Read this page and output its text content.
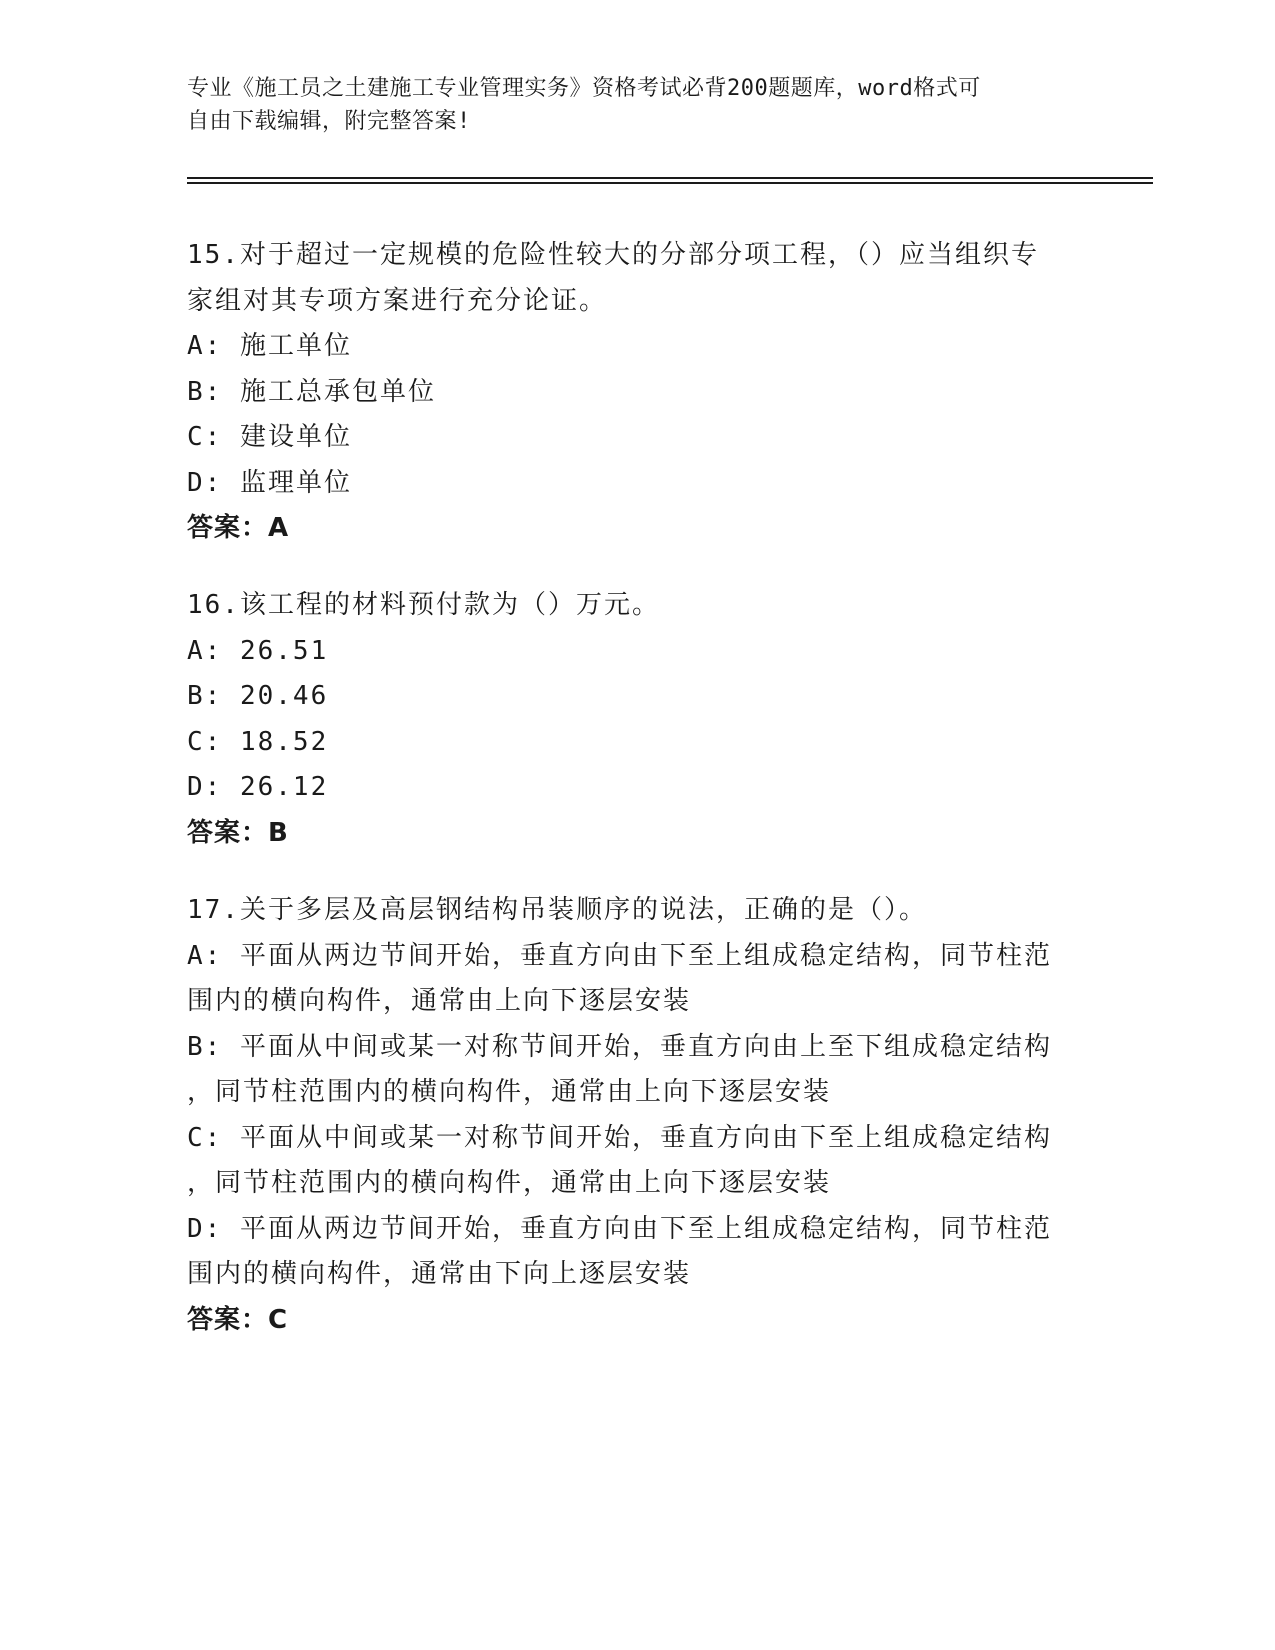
专业《施工员之土建施工专业管理实务》资格考试必背200题题库，word格式可
自由下载编辑，附完整答案!
15.对于超过一定规模的危险性较大的分部分项工程，（）应当组织专
家组对其专项方案进行充分论证。
A: 施工单位
B: 施工总承包单位
C: 建设单位
D: 监理单位
答案：A
16.该工程的材料预付款为（）万元。
A: 26.51
B: 20.46
C: 18.52
D: 26.12
答案：B
17.关于多层及高层钢结构吊装顺序的说法，正确的是（）。
A: 平面从两边节间开始，垂直方向由下至上组成稳定结构，同节柱范
围内的横向构件，通常由上向下逐层安装
B: 平面从中间或某一对称节间开始，垂直方向由上至下组成稳定结构
，同节柱范围内的横向构件，通常由上向下逐层安装
C: 平面从中间或某一对称节间开始，垂直方向由下至上组成稳定结构
，同节柱范围内的横向构件，通常由上向下逐层安装
D: 平面从两边节间开始，垂直方向由下至上组成稳定结构，同节柱范
围内的横向构件，通常由下向上逐层安装
答案：C
